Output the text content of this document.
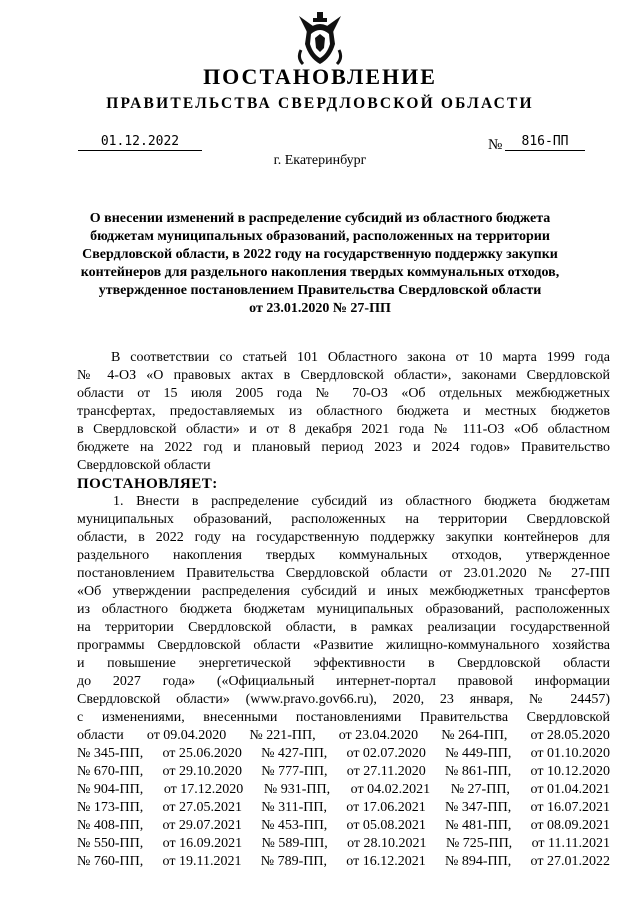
ПОСТАНОВЛЕНИЕ
ПРАВИТЕЛЬСТВА СВЕРДЛОВСКОЙ ОБЛАСТИ
01.12.2022	№	816-ПП
г. Екатеринбург
О внесении изменений в распределение субсидий из областного бюджета
бюджетам муниципальных образований, расположенных на территории
Свердловской области, в 2022 году на государственную поддержку закупки
контейнеров для раздельного накопления твердых коммунальных отходов,
утвержденное постановлением Правительства Свердловской области
от 23.01.2020 № 27-ПП
В соответствии со статьей 101 Областного закона от 10 марта 1999 года
№ 4-ОЗ «О правовых актах в Свердловской области», законами Свердловской
области от 15 июля 2005 года № 70-ОЗ «Об отдельных межбюджетных
трансфертах, предоставляемых из областного бюджета и местных бюджетов
в Свердловской области» и от 8 декабря 2021 года № 111-ОЗ «Об областном
бюджете на 2022 год и плановый период 2023 и 2024 годов» Правительство
Свердловской области
ПОСТАНОВЛЯЕТ:
1. Внести в распределение субсидий из областного бюджета бюджетам
муниципальных образований, расположенных на территории Свердловской
области, в 2022 году на государственную поддержку закупки контейнеров для
раздельного накопления твердых коммунальных отходов, утвержденное
постановлением Правительства Свердловской области от 23.01.2020 № 27-ПП
«Об утверждении распределения субсидий и иных межбюджетных трансфертов
из областного бюджета бюджетам муниципальных образований, расположенных
на территории Свердловской области, в рамках реализации государственной
программы Свердловской области «Развитие жилищно-коммунального хозяйства
и повышение энергетической эффективности в Свердловской области
до 2027 года» («Официальный интернет-портал правовой информации
Свердловской области» (www.pravo.gov66.ru), 2020, 23 января, № 24457)
с изменениями, внесенными постановлениями Правительства Свердловской
области от 09.04.2020 № 221-ПП, от 23.04.2020 № 264-ПП, от 28.05.2020
№ 345-ПП, от 25.06.2020 № 427-ПП, от 02.07.2020 № 449-ПП, от 01.10.2020
№ 670-ПП, от 29.10.2020 № 777-ПП, от 27.11.2020 № 861-ПП, от 10.12.2020
№ 904-ПП, от 17.12.2020 № 931-ПП, от 04.02.2021 № 27-ПП, от 01.04.2021
№ 173-ПП, от 27.05.2021 № 311-ПП, от 17.06.2021 № 347-ПП, от 16.07.2021
№ 408-ПП, от 29.07.2021 № 453-ПП, от 05.08.2021 № 481-ПП, от 08.09.2021
№ 550-ПП, от 16.09.2021 № 589-ПП, от 28.10.2021 № 725-ПП, от 11.11.2021
№ 760-ПП, от 19.11.2021 № 789-ПП, от 16.12.2021 № 894-ПП, от 27.01.2022
